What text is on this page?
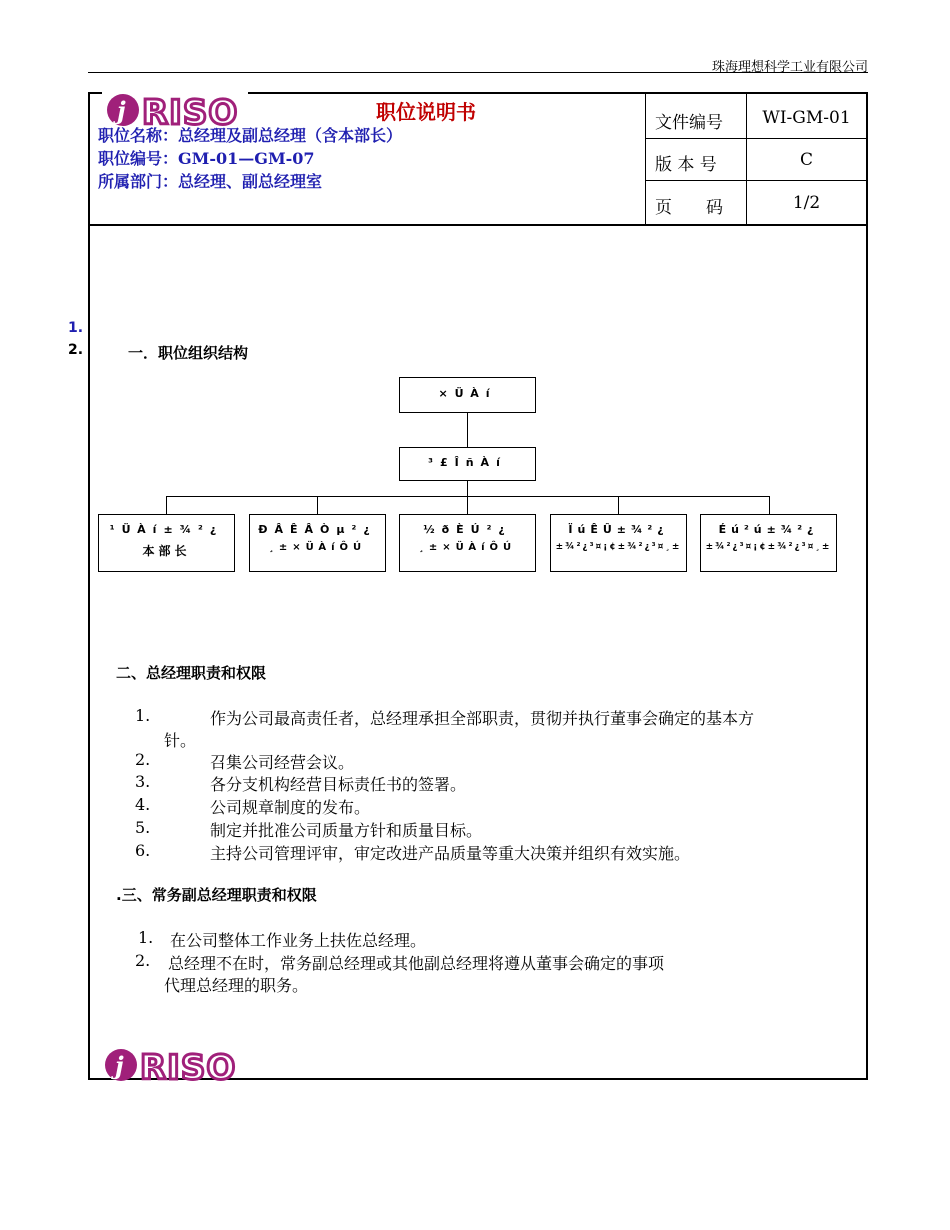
珠海理想科学工业有限公司
j RISO	职位说明书
职位名称：总经理及副总经理（含本部长）
职位编号：GM-01—GM-07
所属部门：总经理、副总经理室
文件编号	WI-GM-01
版 本 号	C
页　　码	1/2
1.
2.	一．职位组织结构
×ÜÀí
³£ÎñÀí
¹ÜÀí±¾²¿
本部长
ÐÂÊÂÒµ²¿
¸±×ÜÀíÔÚ
½ðÈÚ²¿
¸±×ÜÀíÔÚ
ÏúÊÛ±¾²¿
±¾²¿³¤¡¢±¾²¿³¤¸±
Éú²ú±¾²¿
±¾²¿³¤¡¢±¾²¿³¤¸±
二、总经理职责和权限
1.	作为公司最高责任者，总经理承担全部职责，贯彻并执行董事会确定的基本方
针。
2.	召集公司经营会议。
3.	各分支机构经营目标责任书的签署。
4.	公司规章制度的发布。
5.	制定并批准公司质量方针和质量目标。
6.	主持公司管理评审，审定改进产品质量等重大决策并组织有效实施。
.三、常务副总经理职责和权限
1. 在公司整体工作业务上扶佐总经理。
2. 总经理不在时，常务副总经理或其他副总经理将遵从董事会确定的事项
代理总经理的职务。
j RISO
